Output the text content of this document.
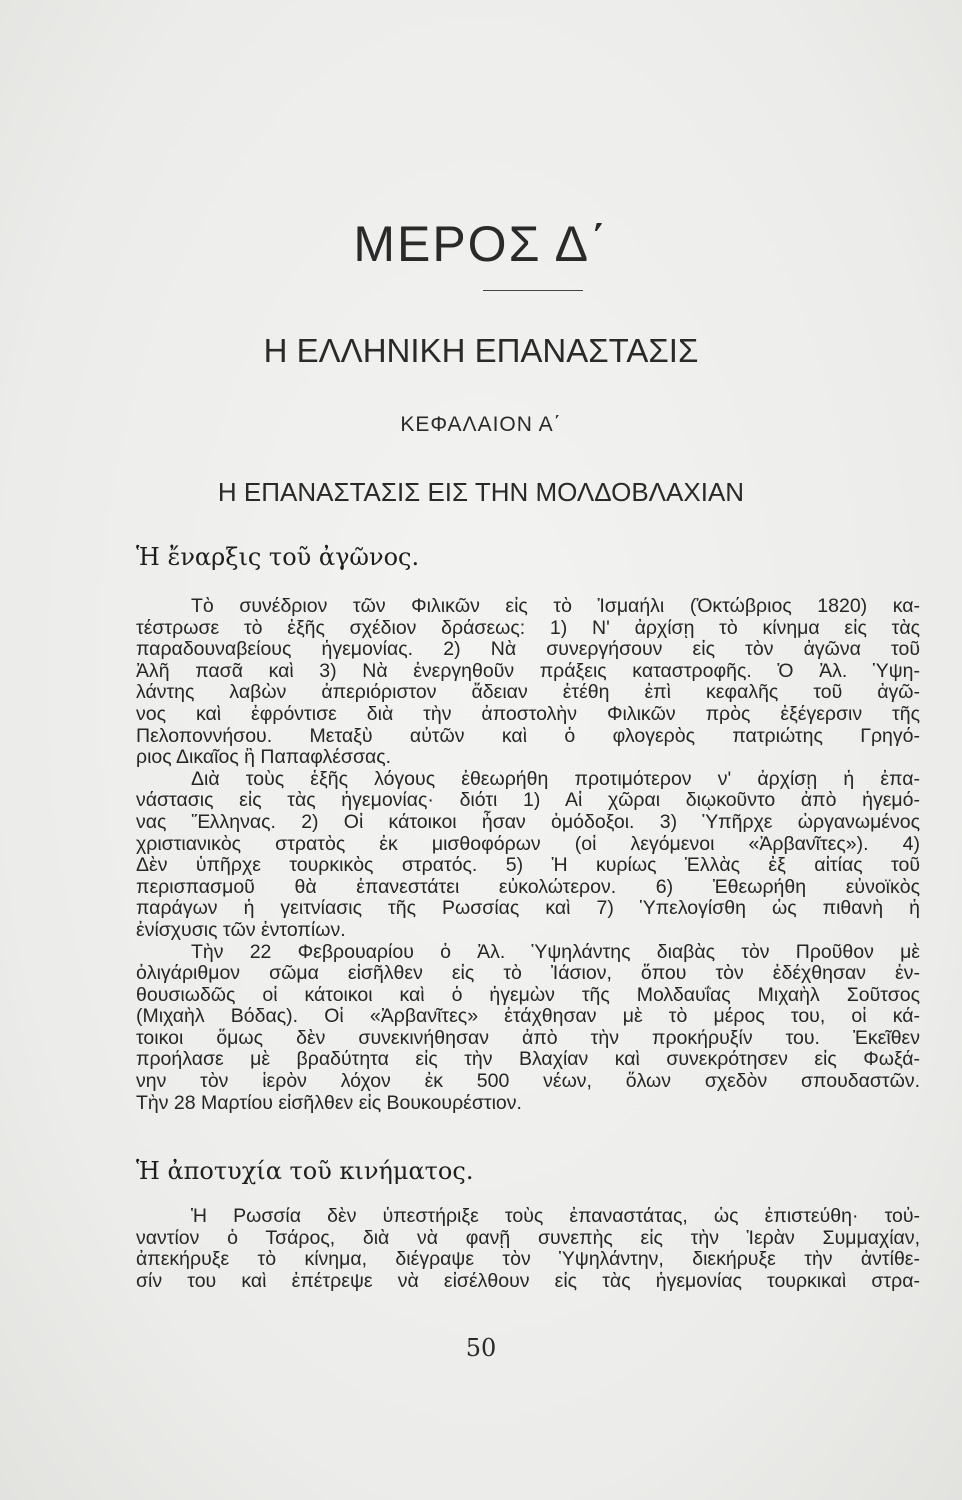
ΜΕΡΟΣ Δ΄
Η ΕΛΛΗΝΙΚΗ ΕΠΑΝΑΣΤΑΣΙΣ
ΚΕΦΑΛΑΙΟΝ Α΄
Η ΕΠΑΝΑΣΤΑΣΙΣ ΕΙΣ ΤΗΝ ΜΟΛΔΟΒΛΑΧΙΑΝ
Ἡ ἔναρξις τοῦ ἀγῶνος.
Τὸ συνέδριον τῶν Φιλικῶν εἰς τὸ Ἰσμαήλι (Ὀκτώβριος 1820) κα-
τέστρωσε τὸ ἑξῆς σχέδιον δράσεως: 1) Ν' ἀρχίσῃ τὸ κίνημα εἰς τὰς
παραδουναβείους ἡγεμονίας. 2) Νὰ συνεργήσουν εἰς τὸν ἀγῶνα τοῦ
Ἀλῆ πασᾶ καὶ 3) Νὰ ἐνεργηθοῦν πράξεις καταστροφῆς. Ὁ Ἀλ. Ὑψη-
λάντης λαβὼν ἀπεριόριστον ἄδειαν ἐτέθη ἐπὶ κεφαλῆς τοῦ ἀγῶ-
νος καὶ ἐφρόντισε διὰ τὴν ἀποστολὴν Φιλικῶν πρὸς ἐξέγερσιν τῆς
Πελοποννήσου. Μεταξὺ αὐτῶν καὶ ὁ φλογερὸς πατριώτης Γρηγό-
ριος Δικαῖος ἢ Παπαφλέσσας.
Διὰ τοὺς ἑξῆς λόγους ἐθεωρήθη προτιμότερον ν' ἀρχίσῃ ἡ ἐπα-
νάστασις εἰς τὰς ἡγεμονίας· διότι 1) Αἱ χῶραι διῳκοῦντο ἀπὸ ἡγεμό-
νας Ἕλληνας. 2) Οἱ κάτοικοι ἦσαν ὁμόδοξοι. 3) Ὑπῆρχε ὠργανωμένος
χριστιανικὸς στρατὸς ἐκ μισθοφόρων (οἱ λεγόμενοι «Ἀρβανῖτες»). 4)
Δὲν ὑπῆρχε τουρκικὸς στρατός. 5) Ἡ κυρίως Ἑλλὰς ἐξ αἰτίας τοῦ
περισπασμοῦ θὰ ἐπανεστάτει εὐκολώτερον. 6) Ἐθεωρήθη εὐνοϊκὸς
παράγων ἡ γειτνίασις τῆς Ρωσσίας καὶ 7) Ὑπελογίσθη ὡς πιθανὴ ἡ
ἐνίσχυσις τῶν ἐντοπίων.
Τὴν 22 Φεβρουαρίου ὁ Ἀλ. Ὑψηλάντης διαβὰς τὸν Προῦθον μὲ
ὀλιγάριθμον σῶμα εἰσῆλθεν εἰς τὸ Ἰάσιον, ὅπου τὸν ἐδέχθησαν ἐν-
θουσιωδῶς οἱ κάτοικοι καὶ ὁ ἡγεμὼν τῆς Μολδαυΐας Μιχαὴλ Σοῦτσος
(Μιχαὴλ Βόδας). Οἱ «Ἀρβανῖτες» ἐτάχθησαν μὲ τὸ μέρος του, οἱ κά-
τοικοι ὅμως δὲν συνεκινήθησαν ἀπὸ τὴν προκήρυξίν του. Ἐκεῖθεν
προήλασε μὲ βραδύτητα εἰς τὴν Βλαχίαν καὶ συνεκρότησεν εἰς Φωξά-
νην τὸν ἱερὸν λόχον ἐκ 500 νέων, ὅλων σχεδὸν σπουδαστῶν.
Τὴν 28 Μαρτίου εἰσῆλθεν εἰς Βουκουρέστιον.
Ἡ ἀποτυχία τοῦ κινήματος.
Ἡ Ρωσσία δὲν ὑπεστήριξε τοὺς ἐπαναστάτας, ὡς ἐπιστεύθη· τοὐ-
ναντίον ὁ Τσάρος, διὰ νὰ φανῇ συνεπὴς εἰς τὴν Ἱερὰν Συμμαχίαν,
ἀπεκήρυξε τὸ κίνημα, διέγραψε τὸν Ὑψηλάντην, διεκήρυξε τὴν ἀντίθε-
σίν του καὶ ἐπέτρεψε νὰ εἰσέλθουν εἰς τὰς ἡγεμονίας τουρκικαὶ στρα-
50
